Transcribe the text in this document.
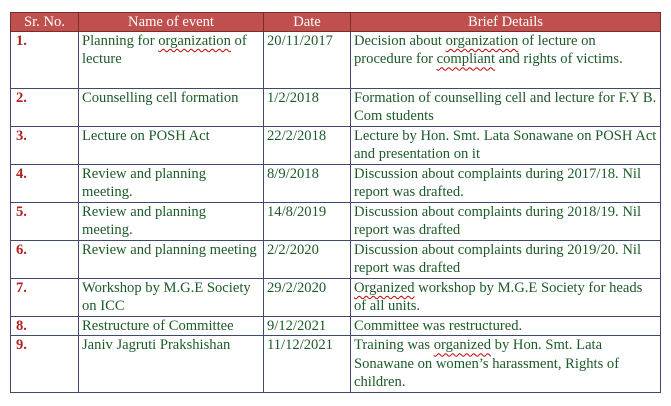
Sr. No.	Name of event	Date	Brief Details
1.	Planning for organization of lecture	20/11/2017	Decision about organization of lecture on procedure for compliant and rights of victims.
2.	Counselling cell formation	1/2/2018	Formation of counselling cell and lecture for F.Y B. Com students
3.	Lecture on POSH Act	22/2/2018	Lecture by Hon. Smt. Lata Sonawane on POSH Act and presentation on it
4.	Review and planning meeting.	8/9/2018	Discussion about complaints during 2017/18. Nil report was drafted.
5.	Review and planning meeting.	14/8/2019	Discussion about complaints during 2018/19. Nil report was drafted
6.	Review and planning meeting	2/2/2020	Discussion about complaints during 2019/20. Nil report was drafted
7.	Workshop by M.G.E Society on ICC	29/2/2020	Organized workshop by M.G.E Society for heads of all units.
8.	Restructure of Committee	9/12/2021	Committee was restructured.
9.	Janiv Jagruti Prakshishan	11/12/2021	Training was organized by Hon. Smt. Lata Sonawane on women’s harassment, Rights of children.
